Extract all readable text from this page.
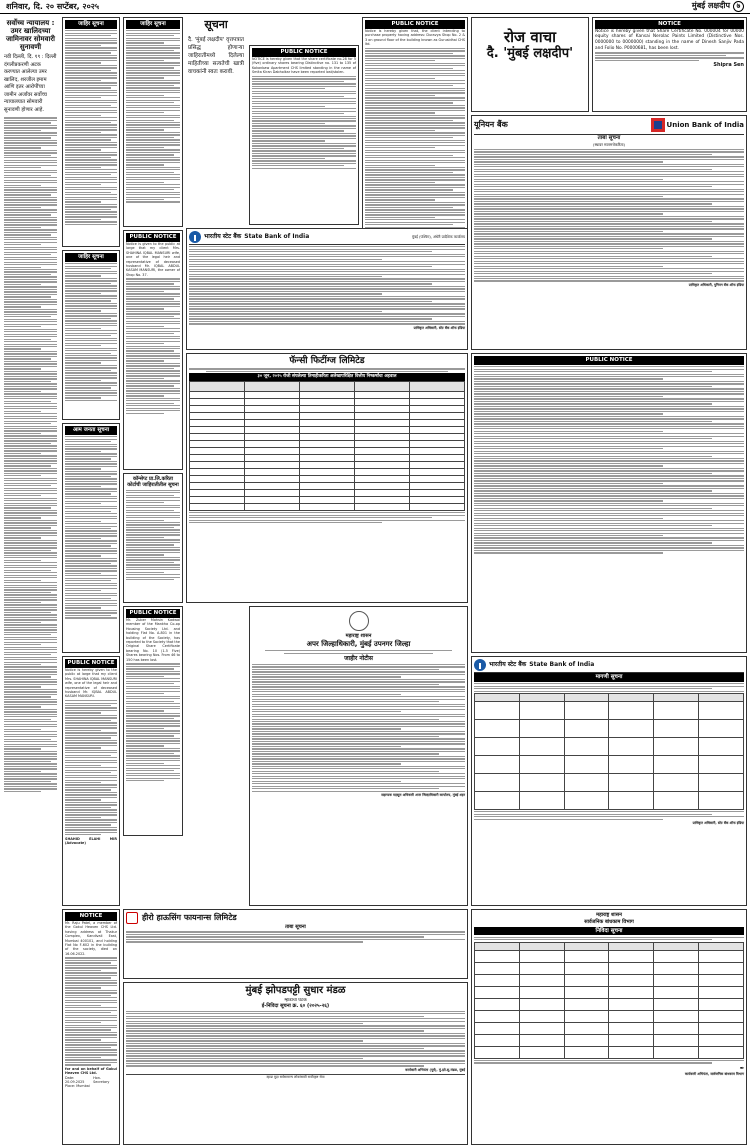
शनिवार, दि. २० सप्टेंबर, २०२५	मुंबई लक्षदीप ७
सर्वोच्च न्यायालय : उमर खालिदच्या जामिनावर सोमवारी सुनावणी
नवी दिल्ली, दि. १९ : दिल्ली दंगलीप्रकरणी अटक करण्यात आलेल्या उमर खालिद, शरजील इमाम आणि इतर आरोपींच्या जामीन अर्जांवर सर्वोच्च न्यायालयात सोमवारी सुनावणी होणार आहे.
जाहिर सूचना
जाहिर सूचना
आम जनता सूचना
PUBLIC NOTICE
Notice is hereby given to the public at large that my client Mrs. SHAHINA IQBAL MANSURI wife, one of the legal heir and representative of deceased husband Mr. IQBAL ABDUL KASAM MANSURI.
SHAHID ELAHI MIR (Advocate)
NOTICE
Mr. Raju Patel, a member of the Gokul Heaven CHS Ltd. having address at Thakur Complex, Kandivali East, Mumbai 400101, and holding Flat No F-602 in the building of the society, died on 16.06.2022.
for and on behalf of Gokul Heaven CHS Ltd.
Date: 20.09.2025
Hon. Secretary
Place: Mumbai
जाहिर सूचना
PUBLIC NOTICE
Notice is given to the public at large that my client Mrs. SHAHINA IQBAL MANSURI wife, one of the legal heir and representative of deceased husband Mr. IQBAL ABDUL KASAM MANSURI, the owner of Shop No. 37.
कॉन्सेप्ट प्रा.लि.करिता कोर्टाची जाहिरातीतील सूचना
PUBLIC NOTICE
Mr. Zuber Mohsin Kadwal member of the Mankha Co-op Housing Society Ltd. and holding Flat No. A-801 in the building of the Society, has reported to the Society that the Original Share Certificate bearing No. 10 (1-5 Five) Shares bearing Nos. From 46 to 150 has been lost.
सूचना
दै. 'मुंबई लक्षदीप' वृत्तपत्रात प्रसिद्ध होणाऱ्या जाहिरातीमध्ये दिलेल्या माहितीच्या सत्यतेची खात्री वाचकांनी स्वतः करावी.
PUBLIC NOTICE
NOTICE is hereby given that the share certificate no.28 for 5 (five) ordinary shares bearing Distinctive no. 131 to 135 of Kokanbaw Apartment CHS limited standing in the name of Smita Kiran Dabholkar have been reported lost/stolen.
PUBLIC NOTICE
Notice is hereby given that, the client intending to purchase property having address: Duravya Shop No. 2 & 3 on ground floor of the building known as Gurusidhai CHS ltd.	रोज वाचा
दै. 'मुंबई लक्षदीप'
NOTICE
Notice is hereby given that Share Certificate No. 000004 for 00000 equity shares of Kansai Nerolac Paints Limited (Distinctive Nos. 0000000 to 0000000) standing in the name of Dinesh Sanjiv Pada and Folio No. P0000681, has been lost.
Shipra Sen
भारतीय स्टेट बैंक State Bank of India	मुंबई (पश्चिम), अंधेरी प्रादेशिक कार्यालय
प्राधिकृत अधिकारी, स्टेट बँक ऑफ इंडिया
फॅन्सी फिटींग्ज लिमिटेड
३० जून, २०२५ रोजी संपलेल्या तिमाहीकरिता अलेखापरिक्षित वित्तीय निष्कर्षांचा अहवाल

महाराष्ट्र शासन
अपर जिल्हाधिकारी, मुंबई उपनगर जिल्हा
जाहीर नोटीस
सहाय्यक महसूल अधिकारी अपर जिल्हाधिकारी कार्यालय, मुंबई शहर
यूनियन बैंक	Union Bank of India
ताबा सूचना
(स्थावर मालमत्तेकरिता)
प्राधिकृत अधिकारी, युनियन बँक ऑफ इंडिया
PUBLIC NOTICE
भारतीय स्टेट बैंक State Bank of India
मागणी सूचना

प्राधिकृत अधिकारी, स्टेट बँक ऑफ इंडिया
हीरो हाऊसिंग फायनान्स लिमिटेड
ताबा सूचना
मुंबई झोपडपट्टी सुधार मंडळ
म्हाडाचा घटक
ई-निविदा सूचना क्र. ६० (२०२५-२६)
कार्यकारी अभियंता (पूर्व), मुं.झो.सु.मंडळ, मुंबई
म्हाडा मुद्रा सर्वसामान्य लोकांसाठी सर्वोत्कृष्ट सेवा
महाराष्ट्र शासन
सार्वजनिक बांधकाम विभाग
निविदा सूचना

✒
कार्यकारी अभियंता, सार्वजनिक बांधकाम विभाग
